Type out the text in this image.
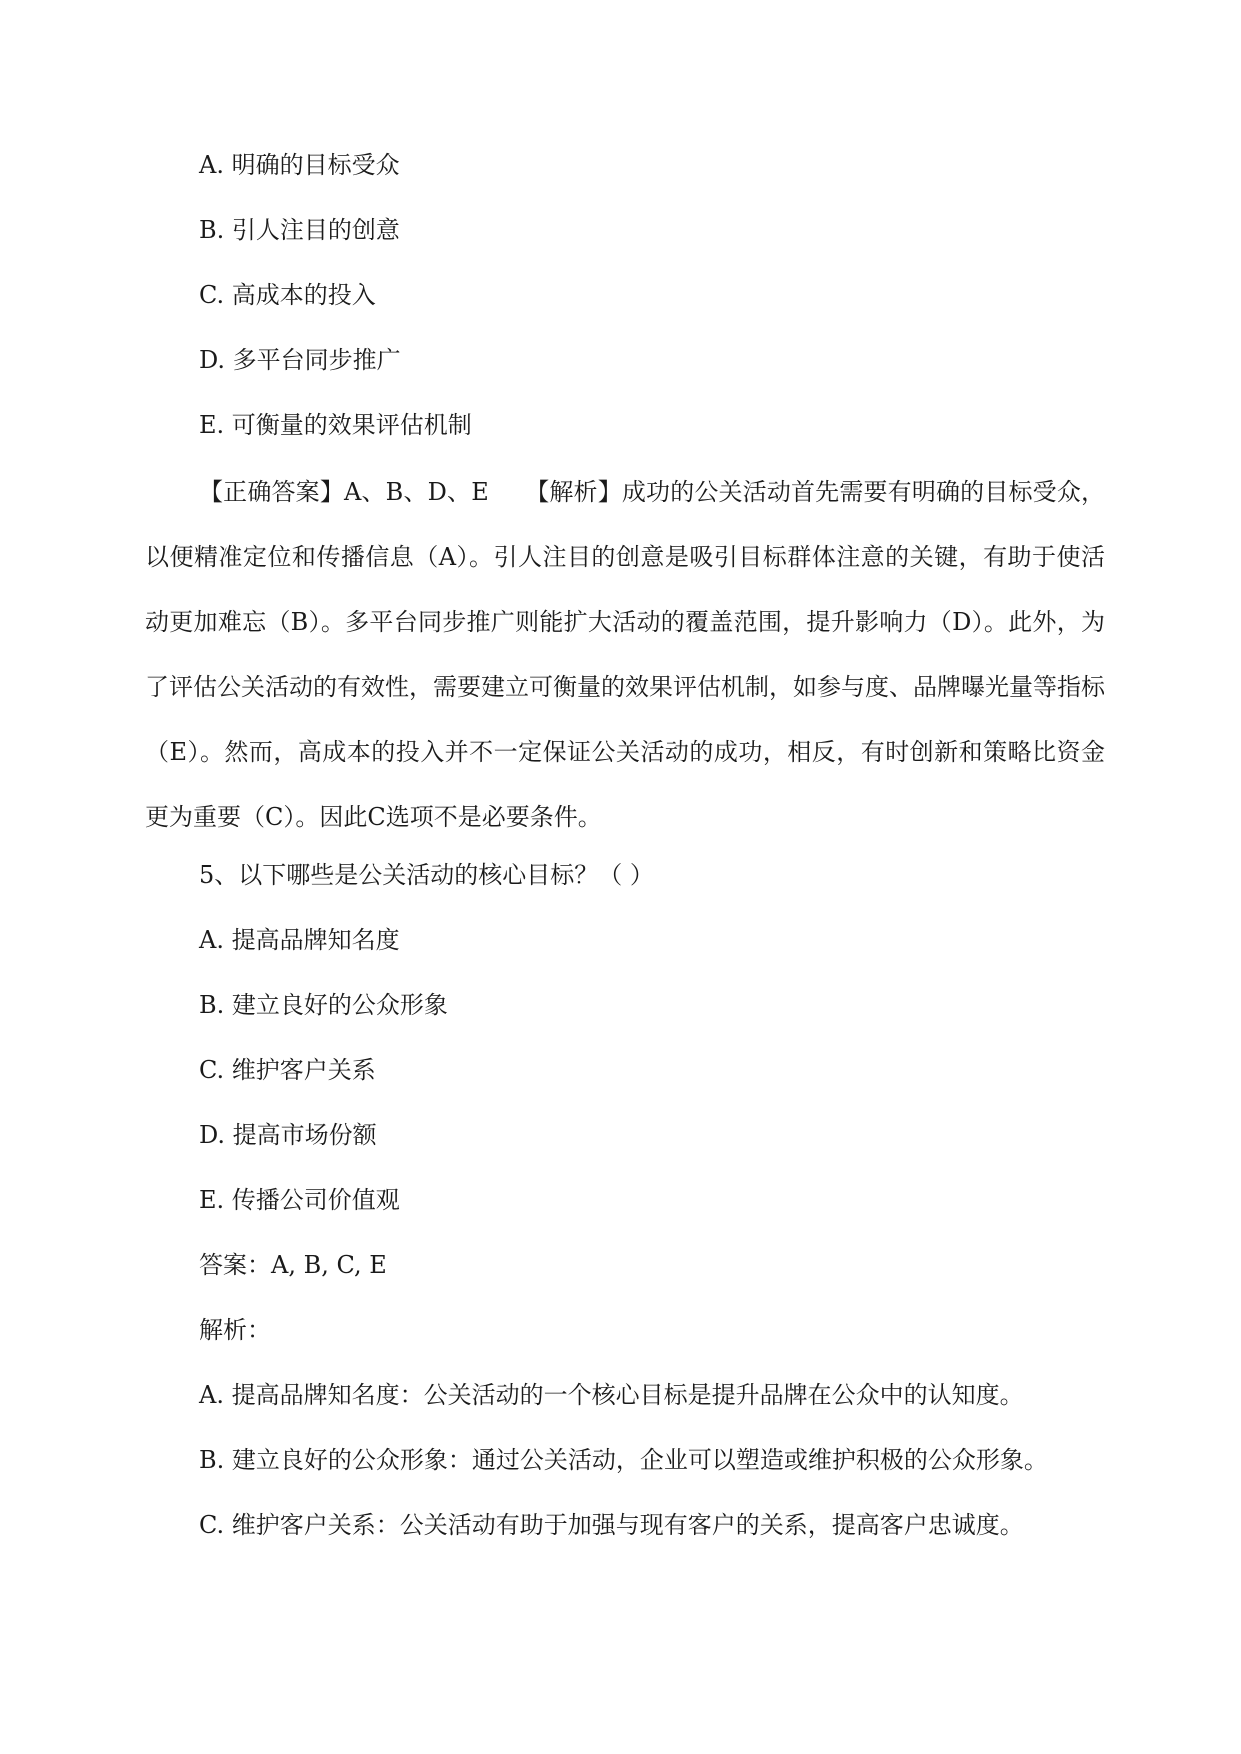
A. 明确的目标受众
B. 引人注目的创意
C. 高成本的投入
D. 多平台同步推广
E. 可衡量的效果评估机制
【正确答案】A、B、D、E　　【解析】成功的公关活动首先需要有明确的目标受众，以便精准定位和传播信息（A）。引人注目的创意是吸引目标群体注意的关键，有助于使活动更加难忘（B）。多平台同步推广则能扩大活动的覆盖范围，提升影响力（D）。此外，为了评估公关活动的有效性，需要建立可衡量的效果评估机制，如参与度、品牌曝光量等指标（E）。然而，高成本的投入并不一定保证公关活动的成功，相反，有时创新和策略比资金更为重要（C）。因此C选项不是必要条件。
5、以下哪些是公关活动的核心目标？（ ）
A. 提高品牌知名度
B. 建立良好的公众形象
C. 维护客户关系
D. 提高市场份额
E. 传播公司价值观
答案：A, B, C, E
解析：
A. 提高品牌知名度：公关活动的一个核心目标是提升品牌在公众中的认知度。
B. 建立良好的公众形象：通过公关活动，企业可以塑造或维护积极的公众形象。
C. 维护客户关系：公关活动有助于加强与现有客户的关系，提高客户忠诚度。
